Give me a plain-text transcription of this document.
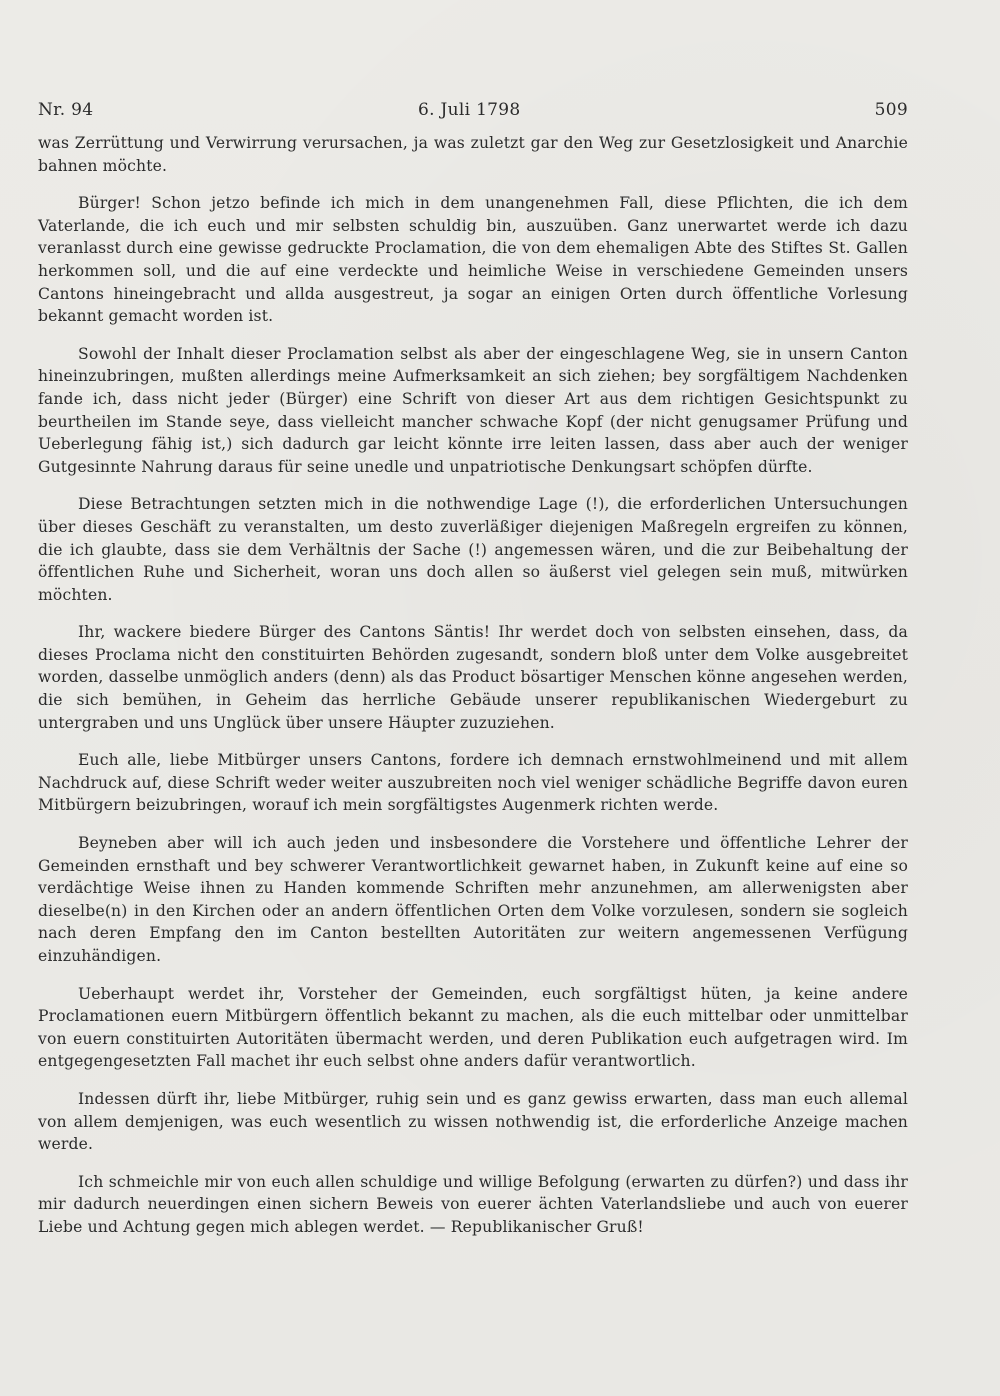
Nr. 94	6. Juli 1798	509

was Zerrüttung und Verwirrung verursachen, ja was zuletzt gar den Weg zur Gesetzlosigkeit und Anarchie bahnen möchte.

Bürger! Schon jetzo befinde ich mich in dem unangenehmen Fall, diese Pflichten, die ich dem Vaterlande, die ich euch und mir selbsten schuldig bin, auszuüben. Ganz unerwartet werde ich dazu veranlasst durch eine gewisse gedruckte Proclamation, die von dem ehemaligen Abte des Stiftes St. Gallen herkommen soll, und die auf eine verdeckte und heimliche Weise in verschiedene Gemeinden unsers Cantons hineingebracht und allda ausgestreut, ja sogar an einigen Orten durch öffentliche Vorlesung bekannt gemacht worden ist.

Sowohl der Inhalt dieser Proclamation selbst als aber der eingeschlagene Weg, sie in unsern Canton hineinzubringen, mußten allerdings meine Aufmerksamkeit an sich ziehen; bey sorgfältigem Nachdenken fande ich, dass nicht jeder (Bürger) eine Schrift von dieser Art aus dem richtigen Gesichtspunkt zu beurtheilen im Stande seye, dass vielleicht mancher schwache Kopf (der nicht genugsamer Prüfung und Ueberlegung fähig ist,) sich dadurch gar leicht könnte irre leiten lassen, dass aber auch der weniger Gutgesinnte Nahrung daraus für seine unedle und unpatriotische Denkungsart schöpfen dürfte.

Diese Betrachtungen setzten mich in die nothwendige Lage (!), die erforderlichen Untersuchungen über dieses Geschäft zu veranstalten, um desto zuverläßiger diejenigen Maßregeln ergreifen zu können, die ich glaubte, dass sie dem Verhältnis der Sache (!) angemessen wären, und die zur Beibehaltung der öffentlichen Ruhe und Sicherheit, woran uns doch allen so äußerst viel gelegen sein muß, mitwürken möchten.

Ihr, wackere biedere Bürger des Cantons Säntis! Ihr werdet doch von selbsten einsehen, dass, da dieses Proclama nicht den constituirten Behörden zugesandt, sondern bloß unter dem Volke ausgebreitet worden, dasselbe unmöglich anders (denn) als das Product bösartiger Menschen könne angesehen werden, die sich bemühen, in Geheim das herrliche Gebäude unserer republikanischen Wiedergeburt zu untergraben und uns Unglück über unsere Häupter zuzuziehen.

Euch alle, liebe Mitbürger unsers Cantons, fordere ich demnach ernstwohlmeinend und mit allem Nachdruck auf, diese Schrift weder weiter auszubreiten noch viel weniger schädliche Begriffe davon euren Mitbürgern beizubringen, worauf ich mein sorgfältigstes Augenmerk richten werde.

Beyneben aber will ich auch jeden und insbesondere die Vorstehere und öffentliche Lehrer der Gemeinden ernsthaft und bey schwerer Verantwortlichkeit gewarnet haben, in Zukunft keine auf eine so verdächtige Weise ihnen zu Handen kommende Schriften mehr anzunehmen, am allerwenigsten aber dieselbe(n) in den Kirchen oder an andern öffentlichen Orten dem Volke vorzulesen, sondern sie sogleich nach deren Empfang den im Canton bestellten Autoritäten zur weitern angemessenen Verfügung einzuhändigen.

Ueberhaupt werdet ihr, Vorsteher der Gemeinden, euch sorgfältigst hüten, ja keine andere Proclamationen euern Mitbürgern öffentlich bekannt zu machen, als die euch mittelbar oder unmittelbar von euern constituirten Autoritäten übermacht werden, und deren Publikation euch aufgetragen wird. Im entgegengesetzten Fall machet ihr euch selbst ohne anders dafür verantwortlich.

Indessen dürft ihr, liebe Mitbürger, ruhig sein und es ganz gewiss erwarten, dass man euch allemal von allem demjenigen, was euch wesentlich zu wissen nothwendig ist, die erforderliche Anzeige machen werde.

Ich schmeichle mir von euch allen schuldige und willige Befolgung (erwarten zu dürfen?) und dass ihr mir dadurch neuerdingen einen sichern Beweis von euerer ächten Vaterlandsliebe und auch von euerer Liebe und Achtung gegen mich ablegen werdet. — Republikanischer Gruß!
